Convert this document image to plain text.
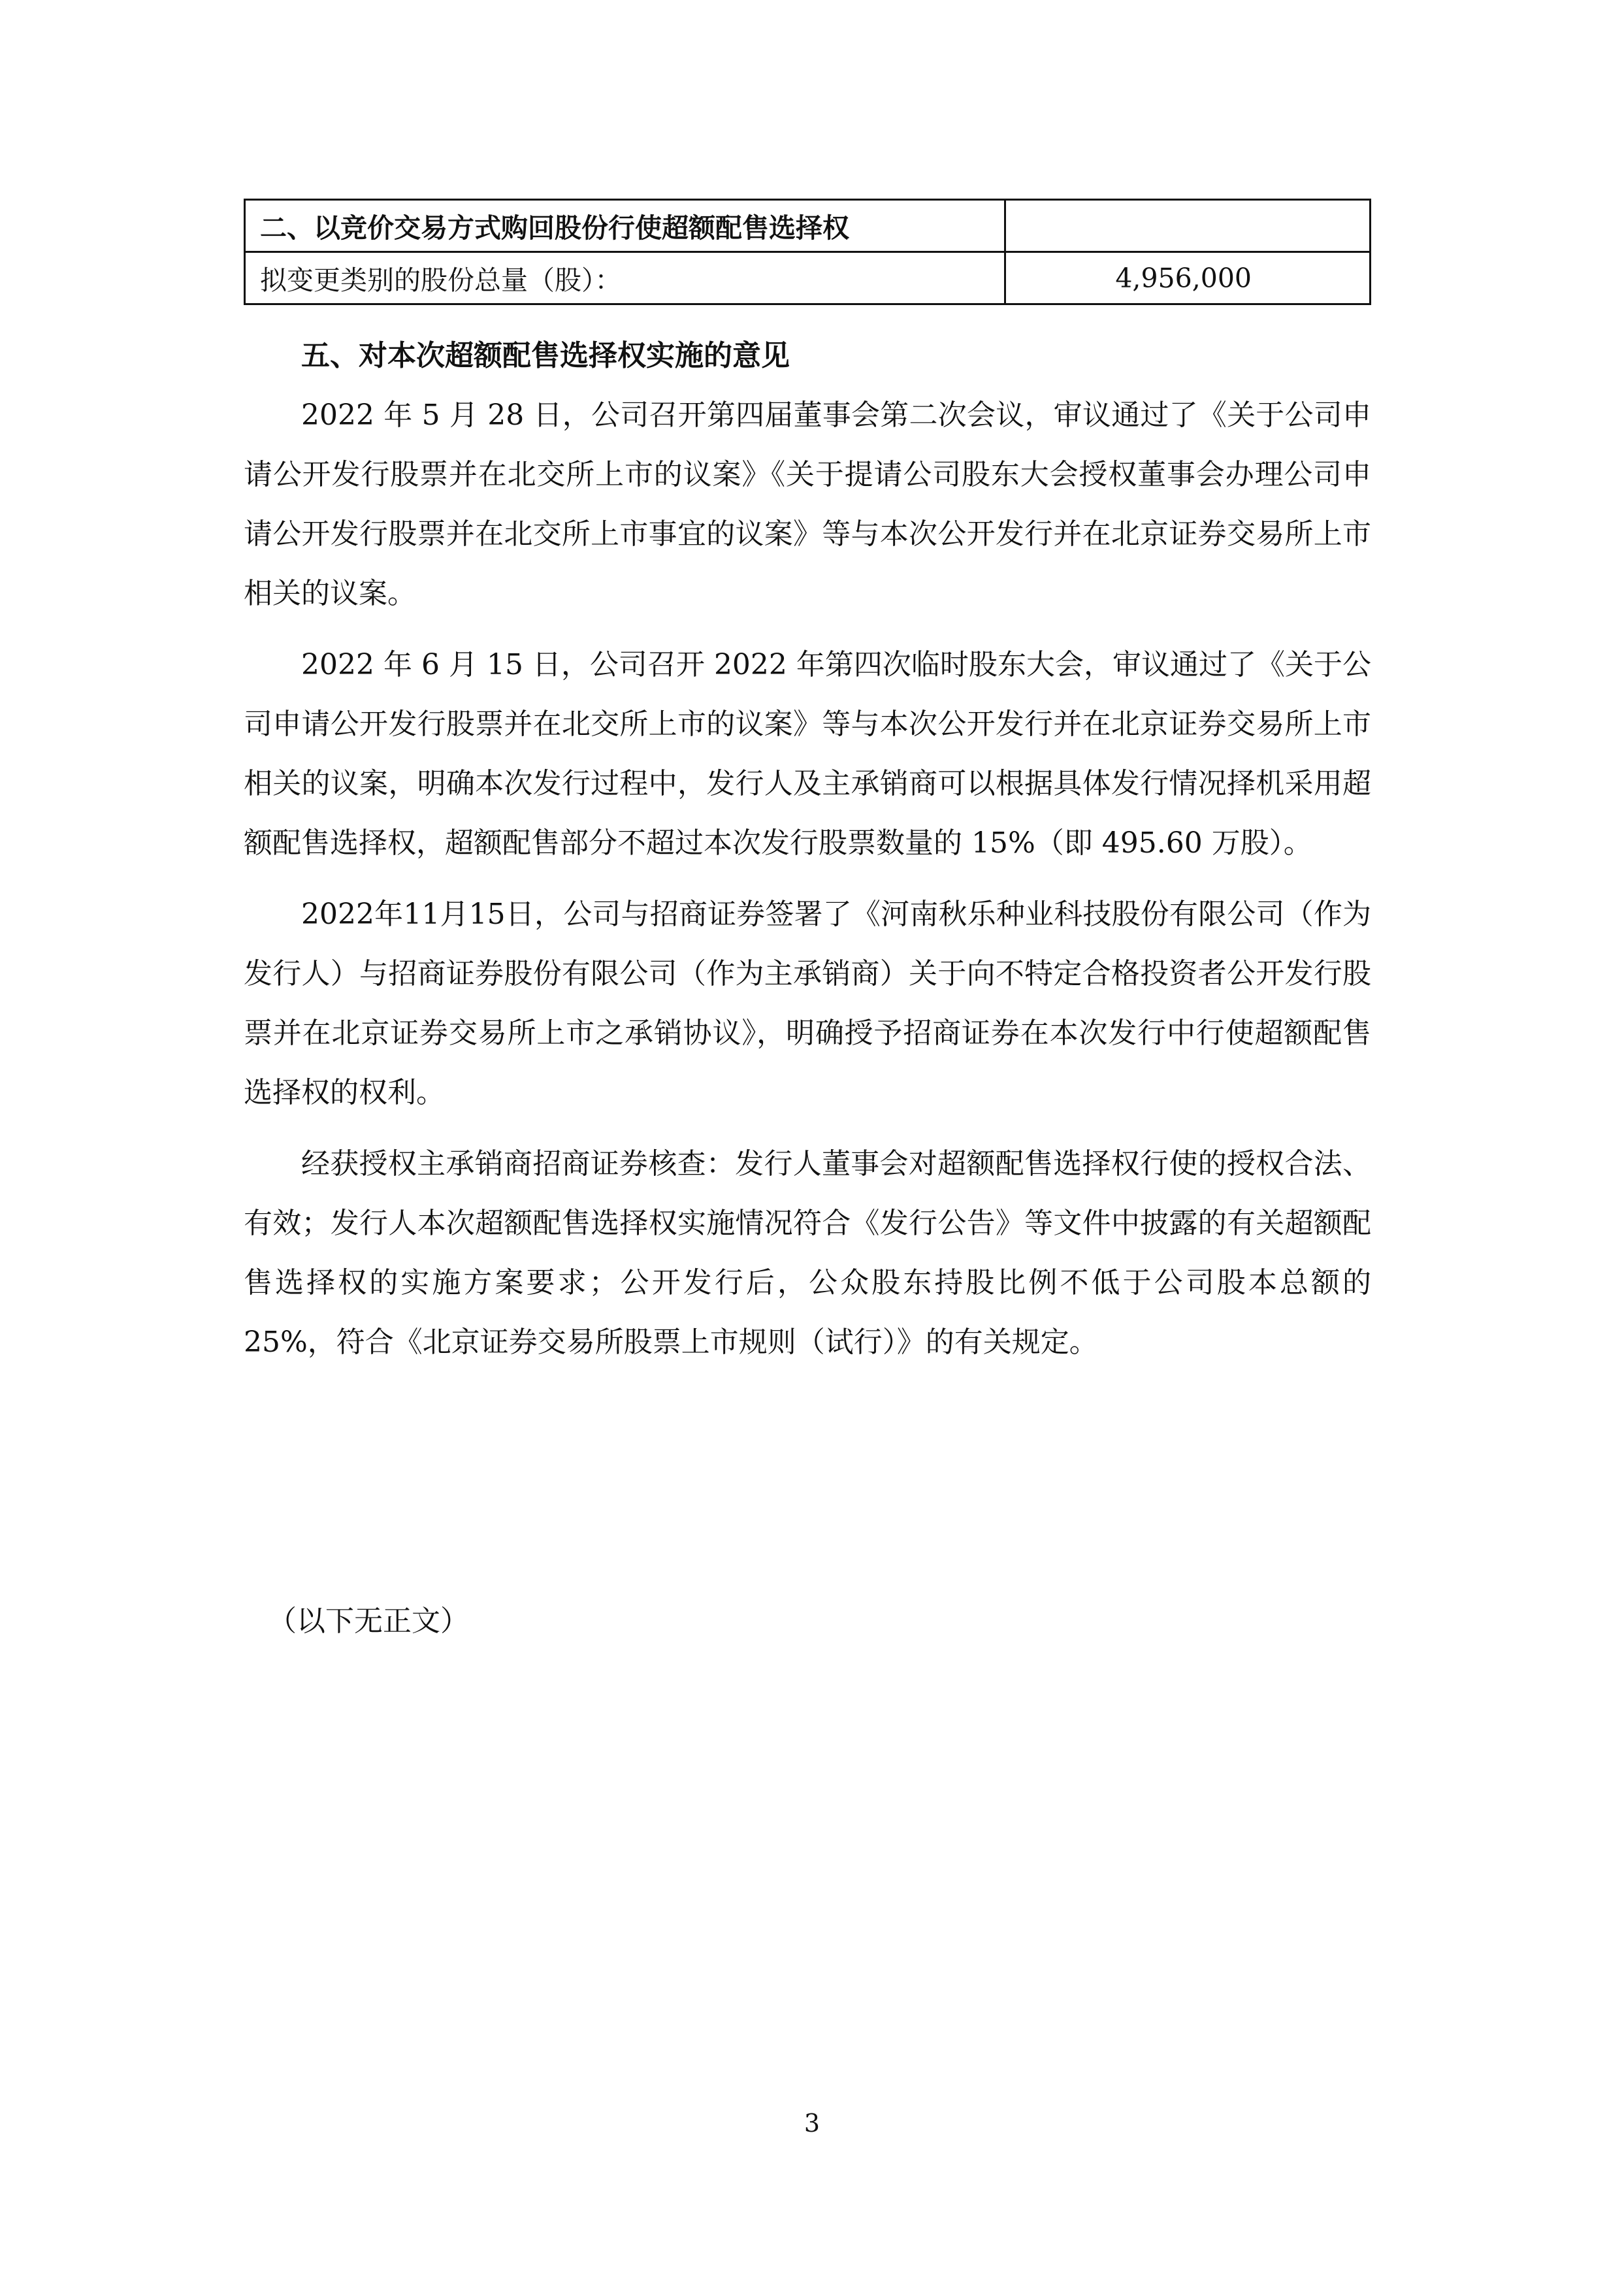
二、以竞价交易方式购回股份行使超额配售选择权	
拟变更类别的股份总量（股）：	4,956,000
五、对本次超额配售选择权实施的意见

2022 年 5 月 28 日，公司召开第四届董事会第二次会议，审议通过了《关于公司申请公开发行股票并在北交所上市的议案》《关于提请公司股东大会授权董事会办理公司申请公开发行股票并在北交所上市事宜的议案》等与本次公开发行并在北京证券交易所上市相关的议案。

2022 年 6 月 15 日，公司召开 2022 年第四次临时股东大会，审议通过了《关于公司申请公开发行股票并在北交所上市的议案》等与本次公开发行并在北京证券交易所上市相关的议案，明确本次发行过程中，发行人及主承销商可以根据具体发行情况择机采用超额配售选择权，超额配售部分不超过本次发行股票数量的 15%（即 495.60 万股）。

2022年11月15日，公司与招商证券签署了《河南秋乐种业科技股份有限公司（作为发行人）与招商证券股份有限公司（作为主承销商）关于向不特定合格投资者公开发行股票并在北京证券交易所上市之承销协议》，明确授予招商证券在本次发行中行使超额配售选择权的权利。

经获授权主承销商招商证券核查：发行人董事会对超额配售选择权行使的授权合法、有效；发行人本次超额配售选择权实施情况符合《发行公告》等文件中披露的有关超额配售选择权的实施方案要求；公开发行后，公众股东持股比例不低于公司股本总额的 25%，符合《北京证券交易所股票上市规则（试行）》的有关规定。

（以下无正文）
3
